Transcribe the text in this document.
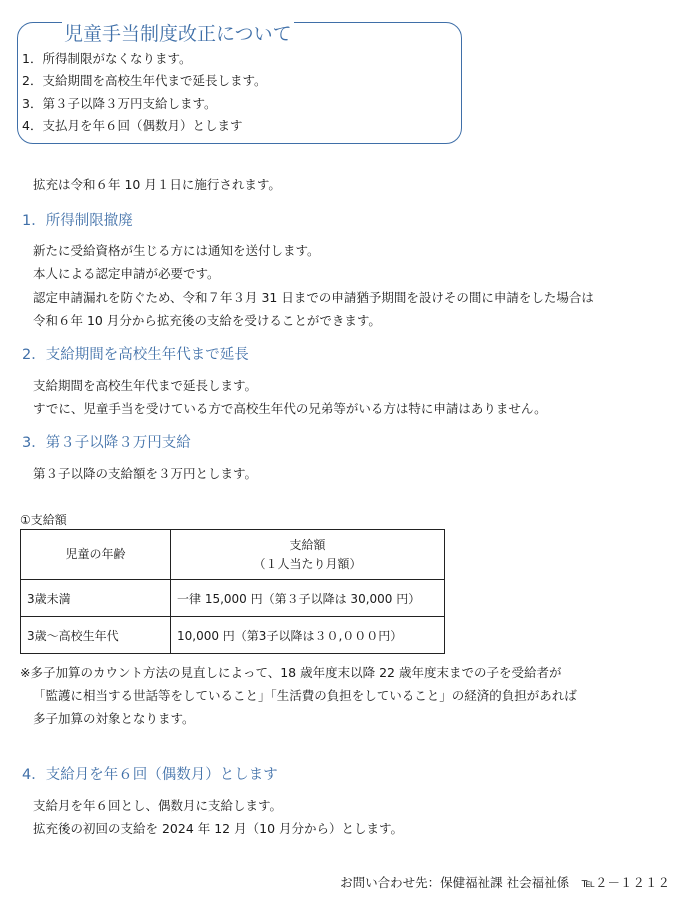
児童手当制度改正について
1．所得制限がなくなります。
2．支給期間を高校生年代まで延長します。
3．第３子以降３万円支給します。
4．支払月を年６回（偶数月）とします
拡充は令和６年 10 月１日に施行されます。
1．所得制限撤廃
新たに受給資格が生じる方には通知を送付します。
本人による認定申請が必要です。
認定申請漏れを防ぐため、令和７年３月 31 日までの申請猶予期間を設けその間に申請をした場合は
令和６年 10 月分から拡充後の支給を受けることができます。
2．支給期間を高校生年代まで延長
支給期間を高校生年代まで延長します。
すでに、児童手当を受けている方で高校生年代の兄弟等がいる方は特に申請はありません。
3．第３子以降３万円支給
第３子以降の支給額を３万円とします。
①支給額
児童の年齢	支給額
（１人当たり月額）

3歳未満	一律 15,000 円（第３子以降は 30,000 円）
3歳～高校生年代	10,000 円（第3子以降は３０,０００円）
※多子加算のカウント方法の見直しによって、18 歳年度末以降 22 歳年度末までの子を受給者が
「監護に相当する世話等をしていること」「生活費の負担をしていること」の経済的負担があれば
多子加算の対象となります。
4．支給月を年６回（偶数月）とします
支給月を年６回とし、偶数月に支給します。
拡充後の初回の支給を 2024 年 12 月（10 月分から）とします。
お問い合わせ先：保健福祉課 社会福祉係　℡２－１２１２
